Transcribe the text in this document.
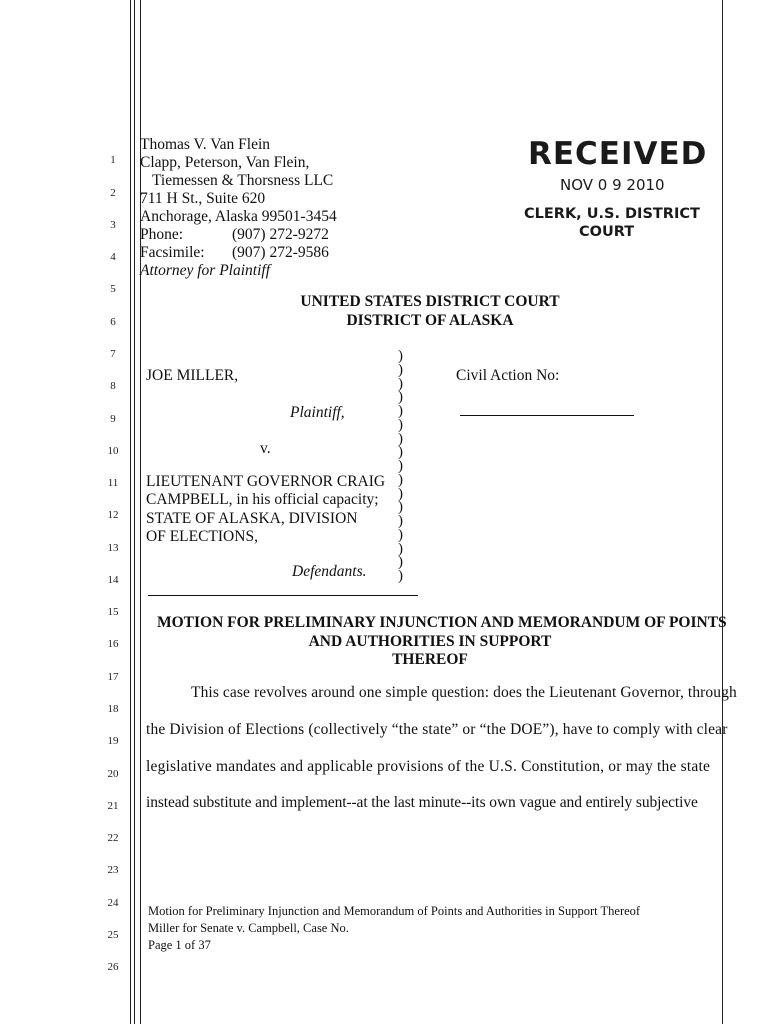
1
2
3
4
5
6
7
8
9
10
11
12
13
14
15
16
17
18
19
20
21
22
23
24
25
26
Thomas V. Van Flein
Clapp, Peterson, Van Flein,
Tiemessen & Thorsness LLC
711 H St., Suite 620
Anchorage, Alaska 99501-3454
Phone:	(907) 272-9272
Facsimile: (907) 272-9586
Attorney for Plaintiff
RECEIVED
NOV 0 9 2010
CLERK, U.S. DISTRICT
COURT
UNITED STATES DISTRICT COURT
DISTRICT OF ALASKA
JOE MILLER,
Plaintiff,
v.
LIEUTENANT GOVERNOR CRAIG
CAMPBELL, in his official capacity;
STATE OF ALASKA, DIVISION
OF ELECTIONS,
Defendants.
)
)
)
)
)
)
)
)
)
)
)
)
)
)
)
)
)
Civil Action No:
MOTION FOR PRELIMINARY INJUNCTION AND MEMORANDUM OF POINTS
AND AUTHORITIES IN SUPPORT
THEREOF
This case revolves around one simple question: does the Lieutenant Governor, through
the Division of Elections (collectively “the state” or “the DOE”), have to comply with clear
legislative mandates and applicable provisions of the U.S. Constitution, or may the state
instead substitute and implement--at the last minute--its own vague and entirely subjective
Motion for Preliminary Injunction and Memorandum of Points and Authorities in Support Thereof
Miller for Senate v. Campbell, Case No.
Page 1 of 37
